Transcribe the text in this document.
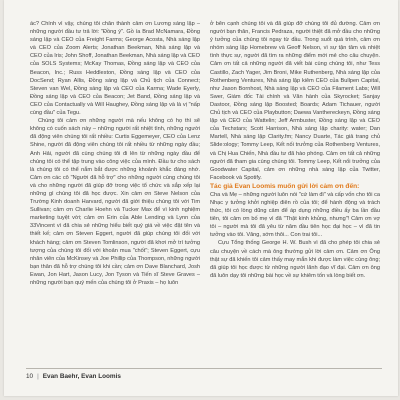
ác? Chính vì vậy, chúng tôi chân thành cảm ơn Lương sáng lập – những người đầu tư trả lời: "Đồng ý". Gồ ía Brad McNamara, Đồng sáng lập và CEO của Freight Farms; George Acosta, Nhà sáng lập và CEO của Zoom Alerts; Jonathan Beekman, Nhà sáng lập và CEO của Iris; John Shoff, Jonathan Beekman, Nhà sáng lập và CEO của SOLS Systems; McKay Thomas, Đồng sáng lập và CEO của Beacon, Inc.; Russ Heddleston, Đồng sáng lập và CEO của DocSend; Ryan Allis, Đồng sáng lập và Chủ tịch của Connect; Steven van Wel, Đồng sáng lập và CEO của Karma; Wade Eyerly, Đồng sáng lập và CEO của Beacon; Jet Band, Đồng sáng lập và CEO của Contactually và Will Haughey, Đồng sáng lập và là vị "nấp cùng đầu" của Tegu.

Chúng tôi cảm ơn những người mà nếu không có họ thì sẽ không có cuốn sách này – những người rất nhiệt tình, những người đã động viên chúng tôi rất nhiều: Curtis Eggemeyer, CEO của Lenz Shine, người đã động viên chúng tôi rất nhiều từ những ngày đầu; Anh Hải, người đã cùng chúng tôi đi lên từ những ngày đầu để chúng tôi có thể tập trung vào công việc của mình. Đầu tư cho sách là chúng tôi có thể nắm bắt được những khoảnh khắc đáng nhớ. Cảm ơn các cô "Người đã hỗ trợ" cho những người cùng chúng tôi và cho những người đã giúp đỡ trong việc tổ chức và sắp xếp lại những gì chúng tôi đã học được. Xin cảm ơn Steve Nelson của Trường Kinh doanh Harvard, người đã giới thiệu chúng tôi với Tim Sullivan; cảm ơn Charlie Hoehn và Tucker Max để vì kinh nghiệm marketing tuyệt vời; cảm ơn Erin của Able Lending và Lynn của 33Vincent vì đã chia sẻ những hiểu biết quý giá về việc đặt tên và thiết kế; cảm ơn Steven Eggert, người đã giúp chúng tôi đối với khách hàng; cảm ơn Steven Tomlinson, người đã khơi mở trí tưởng tượng của chúng tôi đối với khoản mua "chốt"; Steven Eggert, cựu nhân viên của McKinsey và Joe Phillip của Thompson, những người bạn thân đã hỗ trợ chúng tôi khi cần; cảm ơn Dave Blanchard, Josh Ewan, Jon Hart, Jason Lucy, Jon Tyson và Tiến sĩ Steve Graves – những người bạn quý mến của chúng tôi ở Praxis – họ luôn

ở bên cạnh chúng tôi và đã giúp đỡ chúng tôi đủ đường. Cảm ơn người bạn thân, Francis Pedraza, người thiệt đã mở đầu cho những ý tưởng của chúng tôi ngay từ đầu. Trong suốt quá trình, cảm ơn nhóm sáng lập Homebrew và Geoff Nelson, vì sự tận tâm và nhiệt tình thực sự, người đã tìm ra những điểm mới mẻ cho câu chuyện. Cảm ơn tất cả những người đã viết bài cùng chúng tôi, như Tess Castillo, Zach Yager, Jim Broni, Mike Ruthenberg, Nhà sáng lập của Rothenberg Ventures, Nhà sáng lập kiêm CEO của Bullpen Capital, như Jason Bornhost, Nhà sáng lập và CEO của Filament Labs; Will Swer, Giám đốc Tài chính và Văn hành của Skyrocket; Sanjay Dastoor, Đồng sáng lập Boosted; Boards; Adam Tichauer, người Chủ tịch và CEO của Playbutton; Daewa Vanthereckeyn, Đồng sáng lập và CEO của Wattelin; Jeff Armbuster, Đồng sáng lập và CEO của Techstars; Scott Harrison, Nhà sáng lập charity: water; Dan Martell, Nhà sáng lập Clarity.fm; Nancy Duarte, Tác giả trang chủ Slide:ology; Tommy Leep, Kết nối trưởng của Rothenberg Ventures, và Chị Hua Chiến, Nhà đầu tư đã hào phóng. Cảm ơn tất cả những người đã tham gia cùng chúng tôi. Tommy Leep, Kết nối trưởng của Goodwater Capital, cảm ơn những nhà sáng lập của Twitter, Facebook và Spotify.

Tác giả Evan Loomis muốn gửi lời cảm ơn đến:

Cha và Mẹ – những người luôn nói "cứ làm đi" và cấp vốn cho tôi ca Nhạc y tưởng khởi nghiệp điên rồ của tôi; để hành động và trách thức, tôi có lòng dũng cảm để áp dụng những điều ấy ba lần đầu tiên, tôi cảm ơn bố mẹ vì đã "Thật kinh khủng, nhưng"! Cảm ơn vợ tôi – người mà tôi đã yêu từ năm đầu tiên học đại học – vì đã tin tưởng vào tôi. Văng, sớm thôi... Con trai tôi...

Cựu Tổng thống George H. W. Bush vì đã cho phép tôi chia sẻ câu chuyện về cách mà ông thường gửi lời cảm ơn. Cảm ơn Ông thật sự đã khiến tôi cảm thấy may mắn khi được làm việc cùng ông; đã giúp tôi học được từ những người lãnh đạo vĩ đại. Cảm ơn ông đã luôn dạy tôi những bài học về sự khiêm tốn và lòng biết ơn.

10 | Evan Baehr, Evan Loomis
